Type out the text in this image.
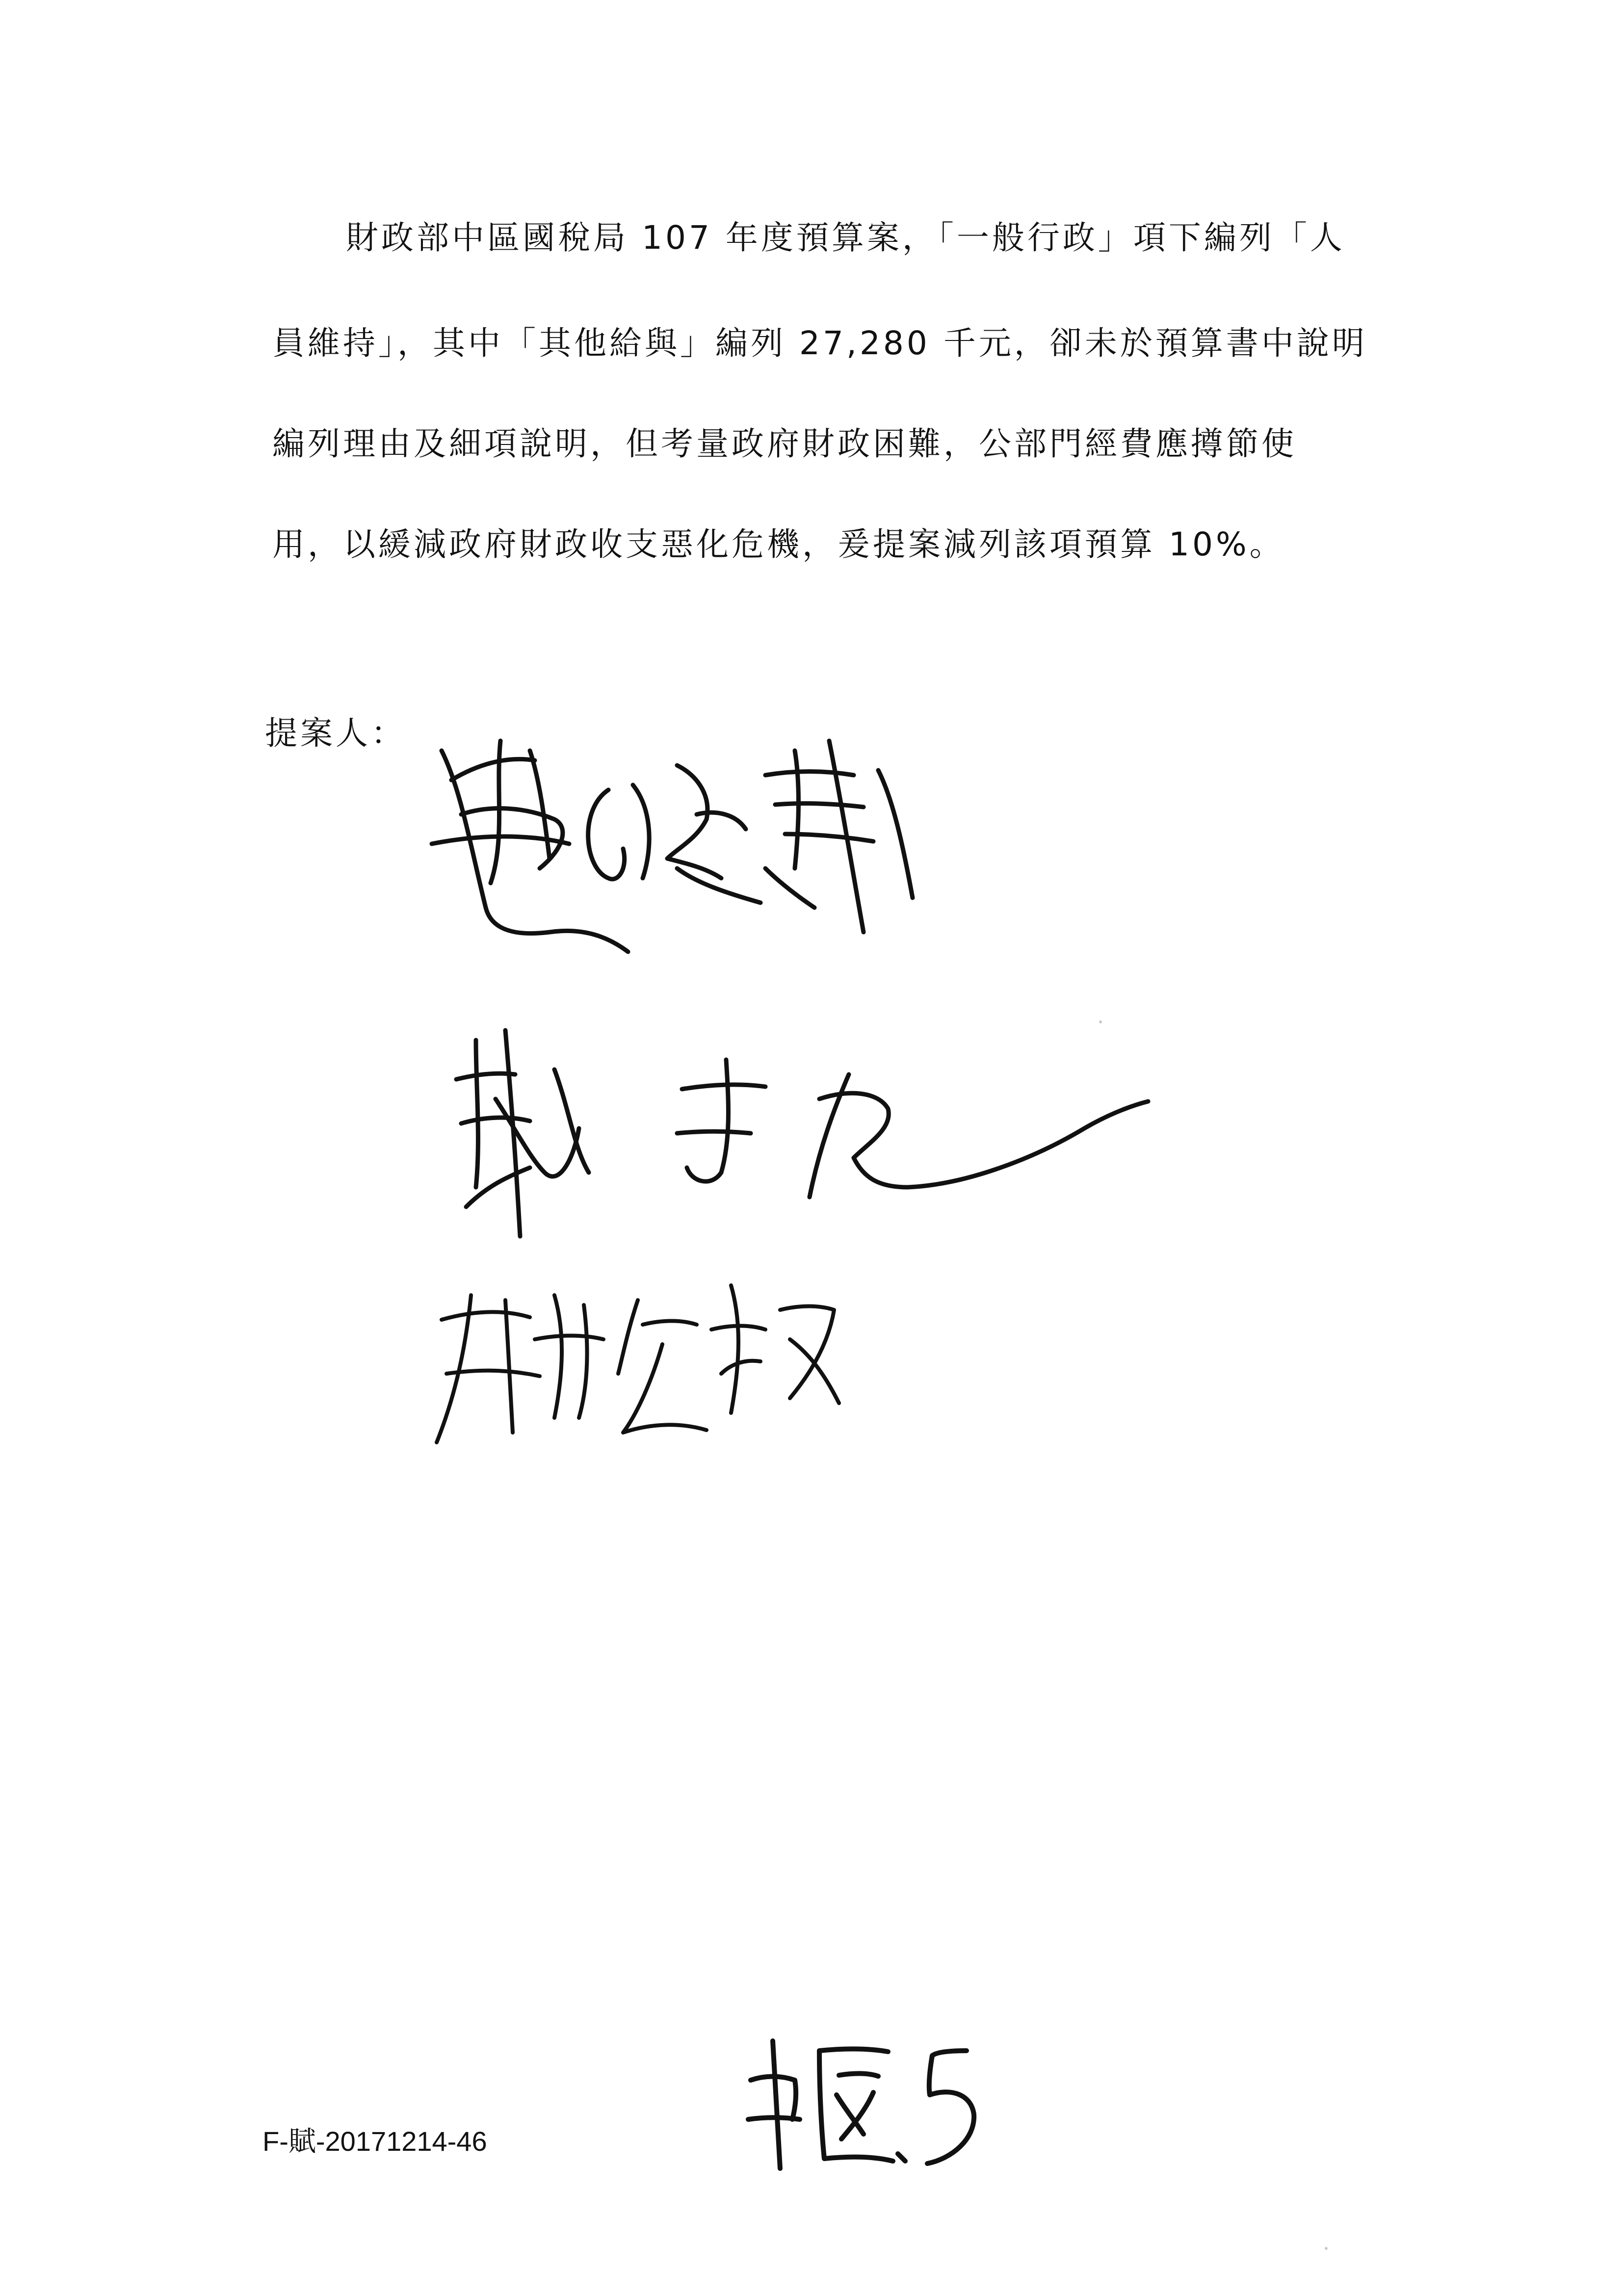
財政部中區國稅局 107 年度預算案，「一般行政」項下編列「人
員維持」，其中「其他給與」編列 27,280 千元，卻未於預算書中說明
編列理由及細項說明，但考量政府財政困難，公部門經費應撙節使
用，以緩減政府財政收支惡化危機，爰提案減列該項預算 10%。
提案人：
F-賦-20171214-46
